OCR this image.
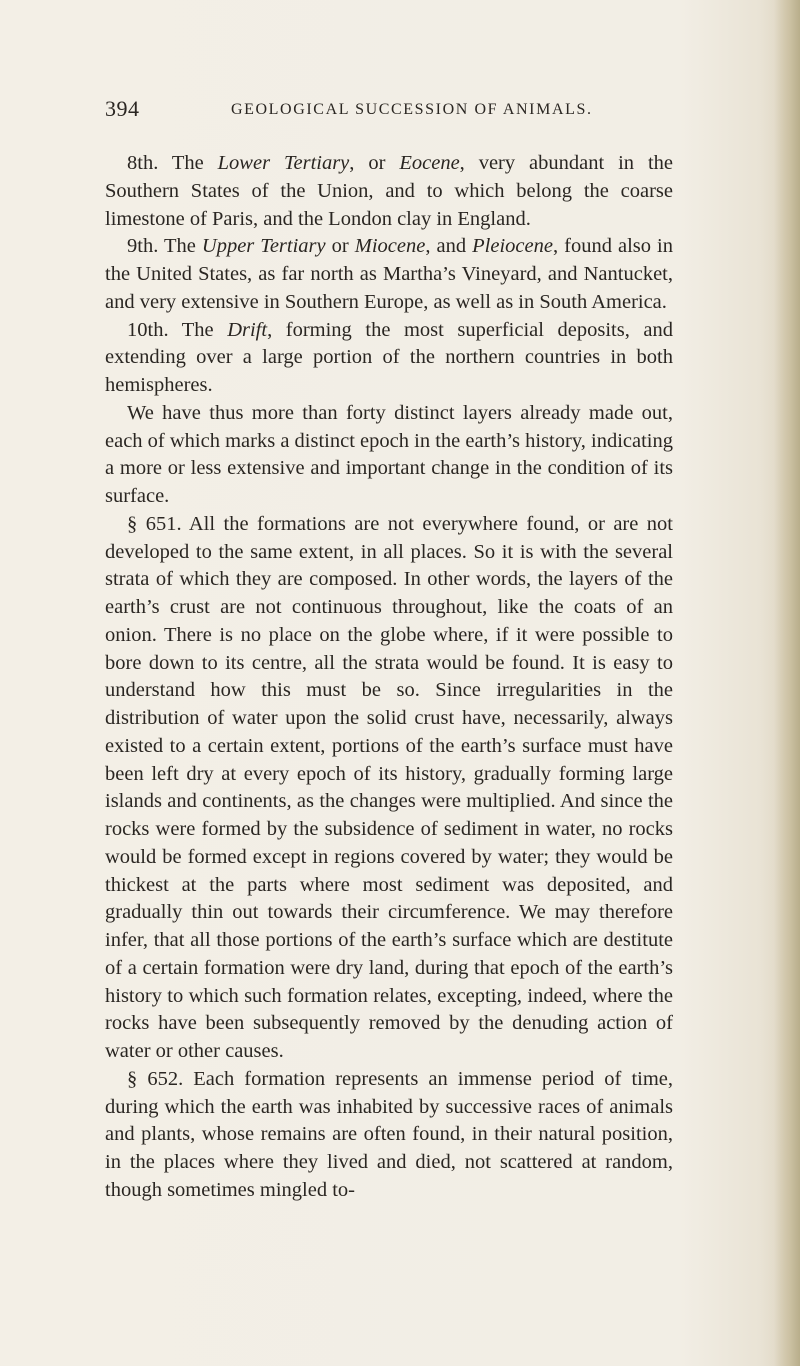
394	GEOLOGICAL SUCCESSION OF ANIMALS.

8th. The Lower Tertiary, or Eocene, very abundant in the Southern States of the Union, and to which belong the coarse limestone of Paris, and the London clay in England.

9th. The Upper Tertiary or Miocene, and Pleiocene, found also in the United States, as far north as Martha’s Vineyard, and Nantucket, and very extensive in Southern Europe, as well as in South America.

10th. The Drift, forming the most superficial deposits, and extending over a large portion of the northern countries in both hemispheres.

We have thus more than forty distinct layers already made out, each of which marks a distinct epoch in the earth’s history, indicating a more or less extensive and important change in the condition of its surface.

§ 651. All the formations are not everywhere found, or are not developed to the same extent, in all places. So it is with the several strata of which they are composed. In other words, the layers of the earth’s crust are not continuous throughout, like the coats of an onion. There is no place on the globe where, if it were possible to bore down to its centre, all the strata would be found. It is easy to understand how this must be so. Since irregularities in the distribution of water upon the solid crust have, necessarily, always existed to a certain extent, portions of the earth’s surface must have been left dry at every epoch of its history, gradually forming large islands and continents, as the changes were multiplied. And since the rocks were formed by the subsidence of sediment in water, no rocks would be formed except in regions covered by water; they would be thickest at the parts where most sediment was deposited, and gradually thin out towards their circumference. We may therefore infer, that all those portions of the earth’s surface which are destitute of a certain formation were dry land, during that epoch of the earth’s history to which such formation relates, excepting, indeed, where the rocks have been subsequently removed by the denuding action of water or other causes.

§ 652. Each formation represents an immense period of time, during which the earth was inhabited by successive races of animals and plants, whose remains are often found, in their natural position, in the places where they lived and died, not scattered at random, though sometimes mingled to-
